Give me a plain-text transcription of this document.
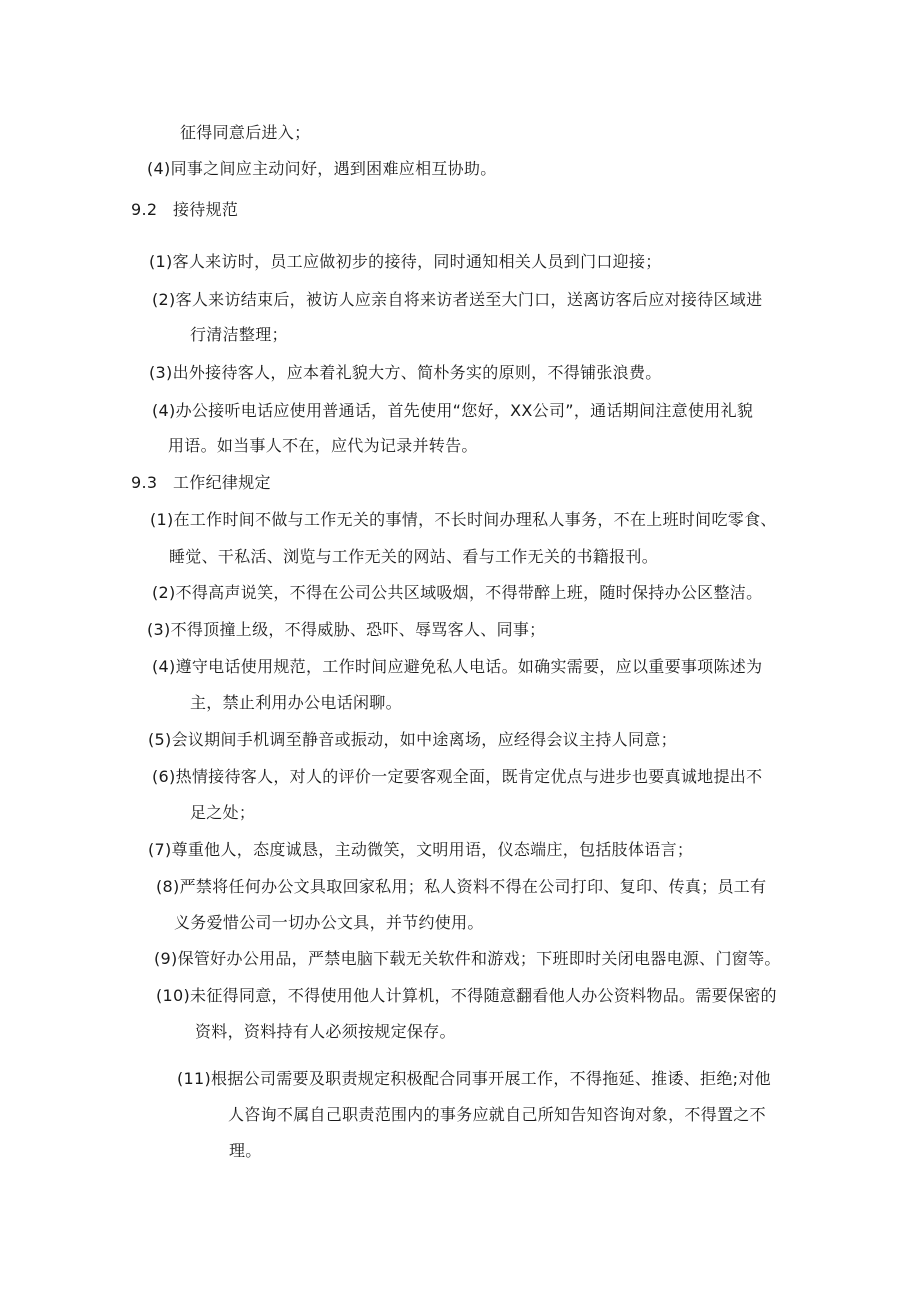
征得同意后进入；
(4)同事之间应主动问好，遇到困难应相互协助。
9.2 接待规范
(1)客人来访时，员工应做初步的接待，同时通知相关人员到门口迎接；
(2)客人来访结束后，被访人应亲自将来访者送至大门口，送离访客后应对接待区域进
行清洁整理；
(3)出外接待客人，应本着礼貌大方、简朴务实的原则，不得铺张浪费。
(4)办公接听电话应使用普通话，首先使用“您好，XX公司”，通话期间注意使用礼貌
用语。如当事人不在，应代为记录并转告。
9.3 工作纪律规定
(1)在工作时间不做与工作无关的事情，不长时间办理私人事务，不在上班时间吃零食、
睡觉、干私活、浏览与工作无关的网站、看与工作无关的书籍报刊。
(2)不得高声说笑，不得在公司公共区域吸烟，不得带醉上班，随时保持办公区整洁。
(3)不得顶撞上级，不得威胁、恐吓、辱骂客人、同事；
(4)遵守电话使用规范，工作时间应避免私人电话。如确实需要，应以重要事项陈述为
主，禁止利用办公电话闲聊。
(5)会议期间手机调至静音或振动，如中途离场，应经得会议主持人同意；
(6)热情接待客人，对人的评价一定要客观全面，既肯定优点与进步也要真诚地提出不
足之处；
(7)尊重他人，态度诚恳，主动微笑，文明用语，仪态端庄，包括肢体语言；
(8)严禁将任何办公文具取回家私用；私人资料不得在公司打印、复印、传真；员工有
义务爱惜公司一切办公文具，并节约使用。
(9)保管好办公用品，严禁电脑下载无关软件和游戏；下班即时关闭电器电源、门窗等。
(10)未征得同意，不得使用他人计算机，不得随意翻看他人办公资料物品。需要保密的
资料，资料持有人必须按规定保存。
(11)根据公司需要及职责规定积极配合同事开展工作，不得拖延、推诿、拒绝;对他
人咨询不属自己职责范围内的事务应就自己所知告知咨询对象，不得置之不
理。
